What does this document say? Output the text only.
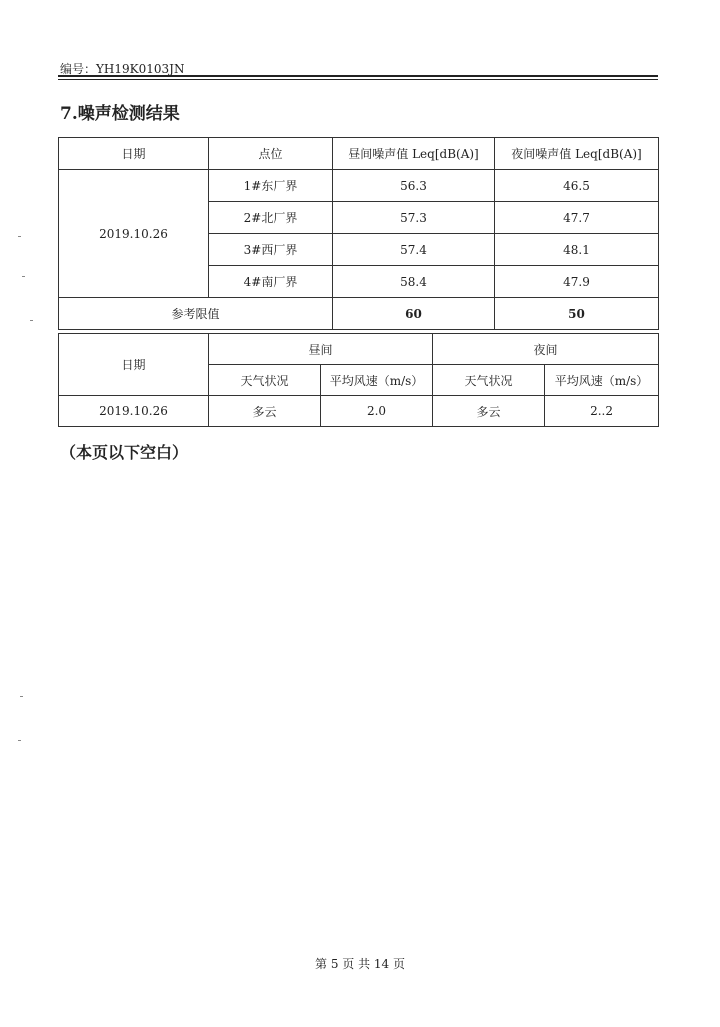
编号：YH19K0103JN
7.噪声检测结果
日期	点位	昼间噪声值 Leq[dB(A)]	夜间噪声值 Leq[dB(A)]
2019.10.26	1#东厂界	56.3	46.5
	2#北厂界	57.3	47.7
	3#西厂界	57.4	48.1
	4#南厂界	58.4	47.9
参考限值		60	50
日期	昼间		夜间	
	天气状况	平均风速（m/s）	天气状况	平均风速（m/s）
2019.10.26	多云	2.0	多云	2..2
（本页以下空白）
第 5 页 共 14 页
